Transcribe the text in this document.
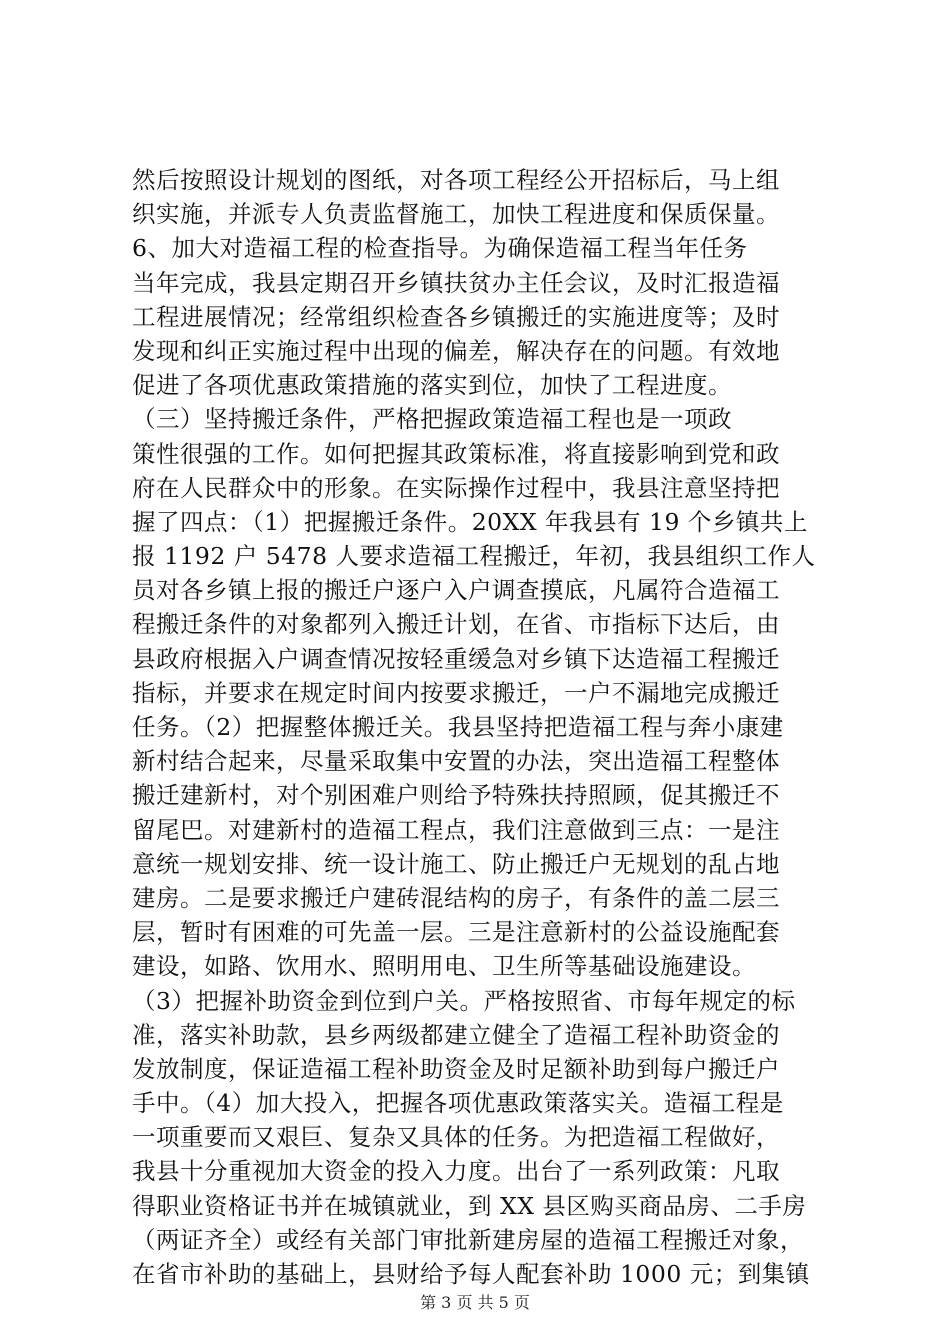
然后按照设计规划的图纸，对各项工程经公开招标后，马上组
织实施，并派专人负责监督施工，加快工程进度和保质保量。
6、加大对造福工程的检查指导。为确保造福工程当年任务
当年完成，我县定期召开乡镇扶贫办主任会议，及时汇报造福
工程进展情况；经常组织检查各乡镇搬迁的实施进度等；及时
发现和纠正实施过程中出现的偏差，解决存在的问题。有效地
促进了各项优惠政策措施的落实到位，加快了工程进度。
（三）坚持搬迁条件，严格把握政策造福工程也是一项政
策性很强的工作。如何把握其政策标准，将直接影响到党和政
府在人民群众中的形象。在实际操作过程中，我县注意坚持把
握了四点：（1）把握搬迁条件。20XX 年我县有 19 个乡镇共上
报 1192 户 5478 人要求造福工程搬迁，年初，我县组织工作人
员对各乡镇上报的搬迁户逐户入户调查摸底，凡属符合造福工
程搬迁条件的对象都列入搬迁计划，在省、市指标下达后，由
县政府根据入户调查情况按轻重缓急对乡镇下达造福工程搬迁
指标，并要求在规定时间内按要求搬迁，一户不漏地完成搬迁
任务。（2）把握整体搬迁关。我县坚持把造福工程与奔小康建
新村结合起来，尽量采取集中安置的办法，突出造福工程整体
搬迁建新村，对个别困难户则给予特殊扶持照顾，促其搬迁不
留尾巴。对建新村的造福工程点，我们注意做到三点：一是注
意统一规划安排、统一设计施工、防止搬迁户无规划的乱占地
建房。二是要求搬迁户建砖混结构的房子，有条件的盖二层三
层，暂时有困难的可先盖一层。三是注意新村的公益设施配套
建设，如路、饮用水、照明用电、卫生所等基础设施建设。
（3）把握补助资金到位到户关。严格按照省、市每年规定的标
准，落实补助款，县乡两级都建立健全了造福工程补助资金的
发放制度，保证造福工程补助资金及时足额补助到每户搬迁户
手中。（4）加大投入，把握各项优惠政策落实关。造福工程是
一项重要而又艰巨、复杂又具体的任务。为把造福工程做好，
我县十分重视加大资金的投入力度。出台了一系列政策：凡取
得职业资格证书并在城镇就业，到 XX 县区购买商品房、二手房
（两证齐全）或经有关部门审批新建房屋的造福工程搬迁对象，
在省市补助的基础上，县财给予每人配套补助 1000 元；到集镇
第 3 页 共 5 页
